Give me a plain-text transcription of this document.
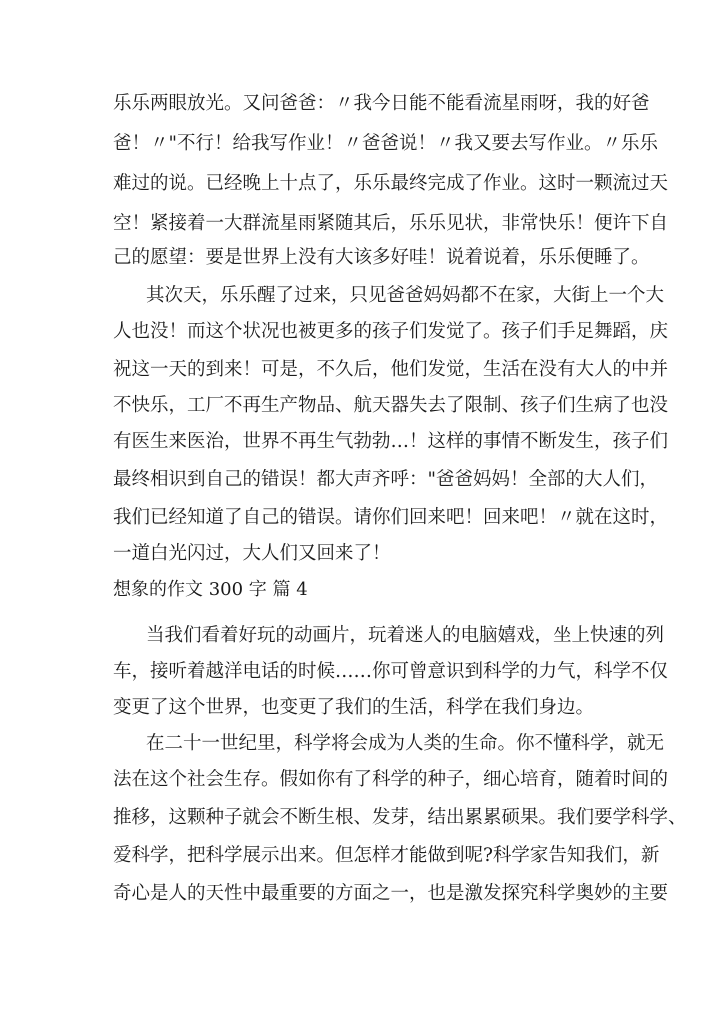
乐乐两眼放光。又问爸爸：〃我今日能不能看流星雨呀，我的好爸
爸！〃"不行！给我写作业！〃爸爸说！〃我又要去写作业。〃乐乐
难过的说。已经晚上十点了，乐乐最终完成了作业。这时一颗流过天
空！紧接着一大群流星雨紧随其后，乐乐见状，非常快乐！便许下自
己的愿望：要是世界上没有大该多好哇！说着说着，乐乐便睡了。
其次天，乐乐醒了过来，只见爸爸妈妈都不在家，大街上一个大
人也没！而这个状况也被更多的孩子们发觉了。孩子们手足舞蹈，庆
祝这一天的到来！可是，不久后，他们发觉，生活在没有大人的中并
不快乐，工厂不再生产物品、航天器失去了限制、孩子们生病了也没
有医生来医治，世界不再生气勃勃…！这样的事情不断发生，孩子们
最终相识到自己的错误！都大声齐呼："爸爸妈妈！全部的大人们，
我们已经知道了自己的错误。请你们回来吧！回来吧！〃就在这时，
一道白光闪过，大人们又回来了！
想象的作文 300 字 篇 4
当我们看着好玩的动画片，玩着迷人的电脑嬉戏，坐上快速的列
车，接听着越洋电话的时候……你可曾意识到科学的力气，科学不仅
变更了这个世界，也变更了我们的生活，科学在我们身边。
在二十一世纪里，科学将会成为人类的生命。你不懂科学，就无
法在这个社会生存。假如你有了科学的种子，细心培育，随着时间的
推移，这颗种子就会不断生根、发芽，结出累累硕果。我们要学科学、
爱科学，把科学展示出来。但怎样才能做到呢?科学家告知我们，新
奇心是人的天性中最重要的方面之一，也是激发探究科学奥妙的主要
